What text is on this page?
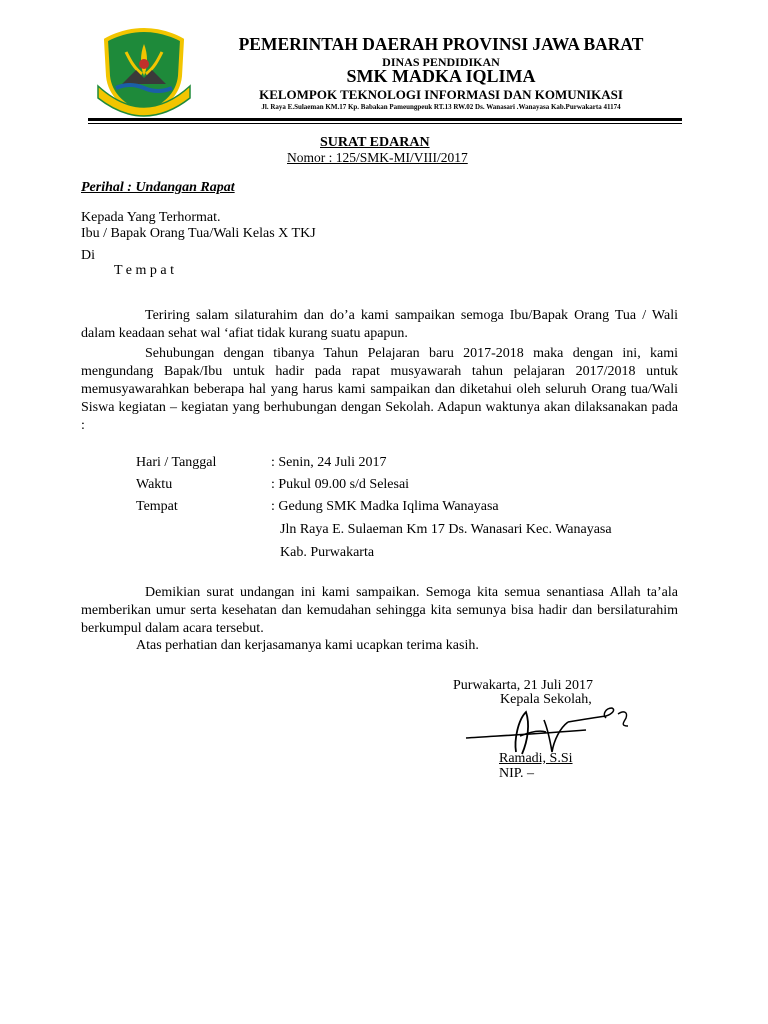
PEMERINTAH DAERAH PROVINSI JAWA BARAT
DINAS PENDIDIKAN
SMK MADKA IQLIMA
KELOMPOK TEKNOLOGI INFORMASI DAN KOMUNIKASI
Jl. Raya E.Sulaeman KM.17 Kp. Babakan Pameungpeuk RT.13 RW.02 Ds. Wanasari .Wanayasa Kab.Purwakarta 41174
SURAT EDARAN
Nomor : 125/SMK-MI/VIII/2017
Perihal : Undangan Rapat
Kepada Yang Terhormat.
Ibu / Bapak Orang Tua/Wali Kelas X TKJ
Di
T e m p a t
Teriring salam silaturahim dan do’a kami sampaikan semoga Ibu/Bapak Orang Tua / Wali dalam keadaan sehat wal ‘afiat tidak kurang suatu apapun.
Sehubungan dengan tibanya Tahun Pelajaran baru 2017-2018 maka dengan ini, kami mengundang Bapak/Ibu untuk hadir pada rapat musyawarah tahun pelajaran 2017/2018 untuk memusyawarahkan beberapa hal yang harus kami sampaikan dan diketahui oleh seluruh Orang tua/Wali Siswa kegiatan – kegiatan yang berhubungan dengan Sekolah. Adapun waktunya akan dilaksanakan pada :
Hari / Tanggal	: Senin, 24 Juli 2017
Waktu	: Pukul 09.00 s/d Selesai
Tempat	: Gedung SMK Madka Iqlima Wanayasa
Jln Raya E. Sulaeman Km 17 Ds. Wanasari Kec. Wanayasa
Kab. Purwakarta
Demikian surat undangan ini kami sampaikan. Semoga kita semua senantiasa Allah ta’ala memberikan umur serta kesehatan dan kemudahan sehingga kita semunya bisa hadir dan bersilaturahim berkumpul dalam acara tersebut.
Atas perhatian dan kerjasamanya kami ucapkan terima kasih.
Purwakarta, 21 Juli 2017
Kepala Sekolah,
Ramadi, S.Si
NIP. –
